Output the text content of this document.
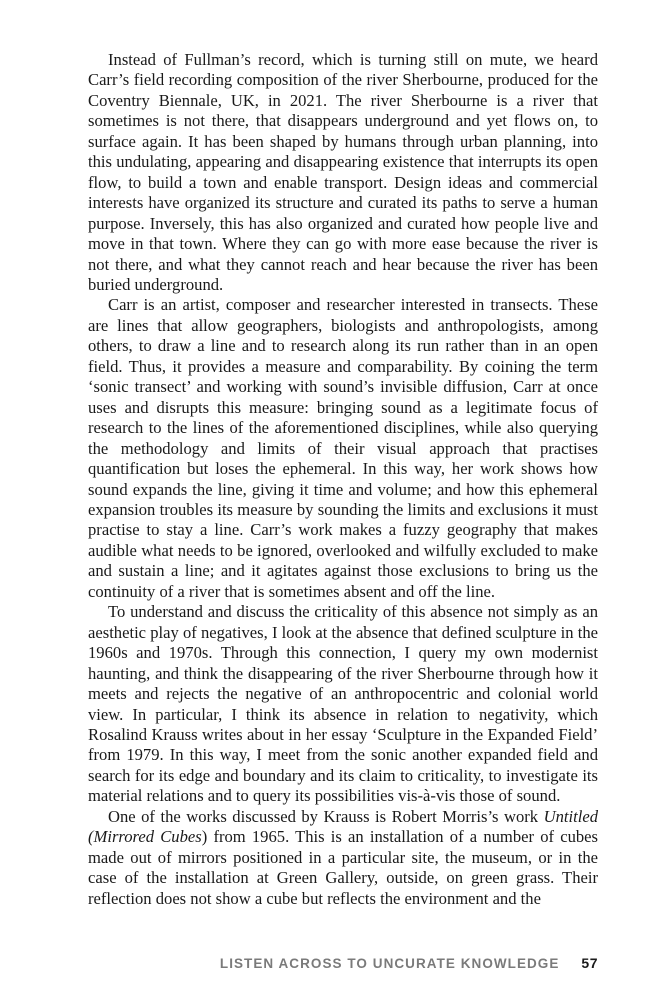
Instead of Fullman’s record, which is turning still on mute, we heard Carr’s field recording composition of the river Sherbourne, produced for the Coventry Biennale, UK, in 2021. The river Sherbourne is a river that sometimes is not there, that disappears underground and yet flows on, to surface again. It has been shaped by humans through urban planning, into this undulating, appearing and disappearing existence that interrupts its open flow, to build a town and enable transport. Design ideas and commercial interests have organized its structure and curated its paths to serve a human purpose. Inversely, this has also organized and curated how people live and move in that town. Where they can go with more ease because the river is not there, and what they cannot reach and hear because the river has been buried underground.

Carr is an artist, composer and researcher interested in transects. These are lines that allow geographers, biologists and anthropologists, among others, to draw a line and to research along its run rather than in an open field. Thus, it provides a measure and comparability. By coining the term ‘sonic transect’ and working with sound’s invisible diffusion, Carr at once uses and disrupts this measure: bringing sound as a legitimate focus of research to the lines of the aforementioned disciplines, while also querying the methodology and limits of their visual approach that practises quantification but loses the ephemeral. In this way, her work shows how sound expands the line, giving it time and volume; and how this ephemeral expansion troubles its measure by sounding the limits and exclusions it must practise to stay a line. Carr’s work makes a fuzzy geography that makes audible what needs to be ignored, overlooked and wilfully excluded to make and sustain a line; and it agitates against those exclusions to bring us the continuity of a river that is sometimes absent and off the line.

To understand and discuss the criticality of this absence not simply as an aesthetic play of negatives, I look at the absence that defined sculpture in the 1960s and 1970s. Through this connection, I query my own modernist haunting, and think the disappearing of the river Sherbourne through how it meets and rejects the negative of an anthropocentric and colonial world view. In particular, I think its absence in relation to negativity, which Rosalind Krauss writes about in her essay ‘Sculpture in the Expanded Field’ from 1979. In this way, I meet from the sonic another expanded field and search for its edge and boundary and its claim to criticality, to investigate its material relations and to query its possibilities vis-à-vis those of sound.

One of the works discussed by Krauss is Robert Morris’s work Untitled (Mirrored Cubes) from 1965. This is an installation of a number of cubes made out of mirrors positioned in a particular site, the museum, or in the case of the installation at Green Gallery, outside, on green grass. Their reflection does not show a cube but reflects the environment and the

LISTEN ACROSS TO UNCURATE KNOWLEDGE 57
